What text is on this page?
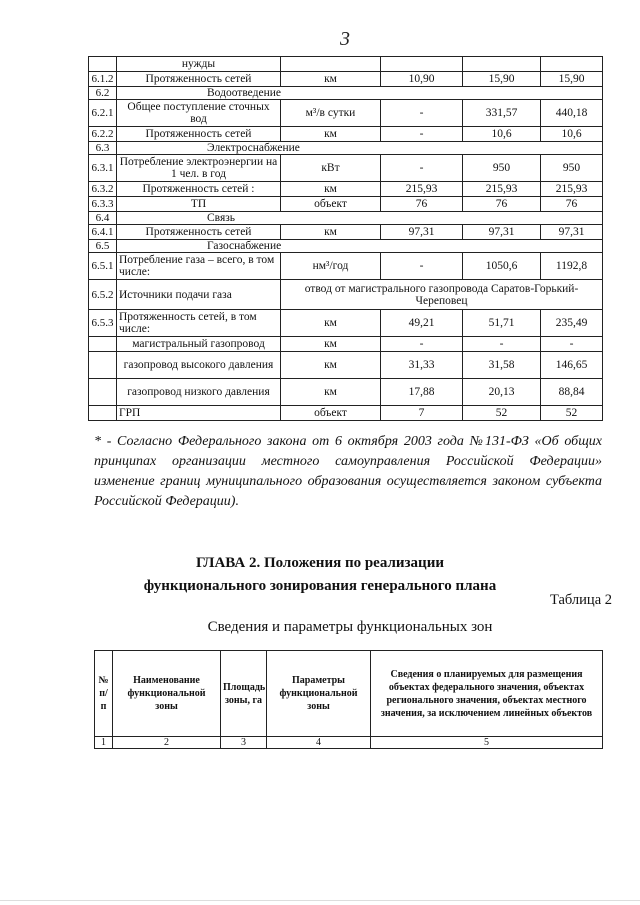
3
	нужды				
6.1.2	Протяженность сетей	км	10,90	15,90	15,90
6.2	Водоотведение				
6.2.1	Общее поступление сточных вод	м³/в сутки	-	331,57	440,18
6.2.2	Протяженность сетей	км	-	10,6	10,6
6.3	Электроснабжение				
6.3.1	Потребление электроэнергии на 1 чел. в год	кВт	-	950	950
6.3.2	Протяженность сетей :	км	215,93	215,93	215,93
6.3.3	ТП	объект	76	76	76
6.4	Связь				
6.4.1	Протяженность сетей	км	97,31	97,31	97,31
6.5	Газоснабжение				
6.5.1	Потребление газа – всего, в том числе:	нм³/год	-	1050,6	1192,8
6.5.2	Источники подачи газа	отвод от магистрального газопровода Саратов-Горький-Череповец			
6.5.3	Протяженность сетей, в том числе:	км	49,21	51,71	235,49
	магистральный газопровод	км	-	-	-
	газопровод высокого давления	км	31,33	31,58	146,65
	газопровод низкого давления	км	17,88	20,13	88,84
	ГРП	объект	7	52	52
* - Согласно Федерального закона от 6 октября 2003 года №131-ФЗ «Об общих принципах организации местного самоуправления Российской Федерации» изменение границ муниципального образования осуществляется законом субъекта Российской Федерации).
ГЛАВА 2. Положения по реализации
функционального зонирования генерального плана
Таблица 2
Сведения и параметры функциональных зон
№ п/п	Наименование функциональной зоны	Площадь зоны, га	Параметры функциональной зоны	Сведения о планируемых для размещения объектах федерального значения, объектах регионального значения, объектах местного значения, за исключением линейных объектов
1	2	3	4	5
